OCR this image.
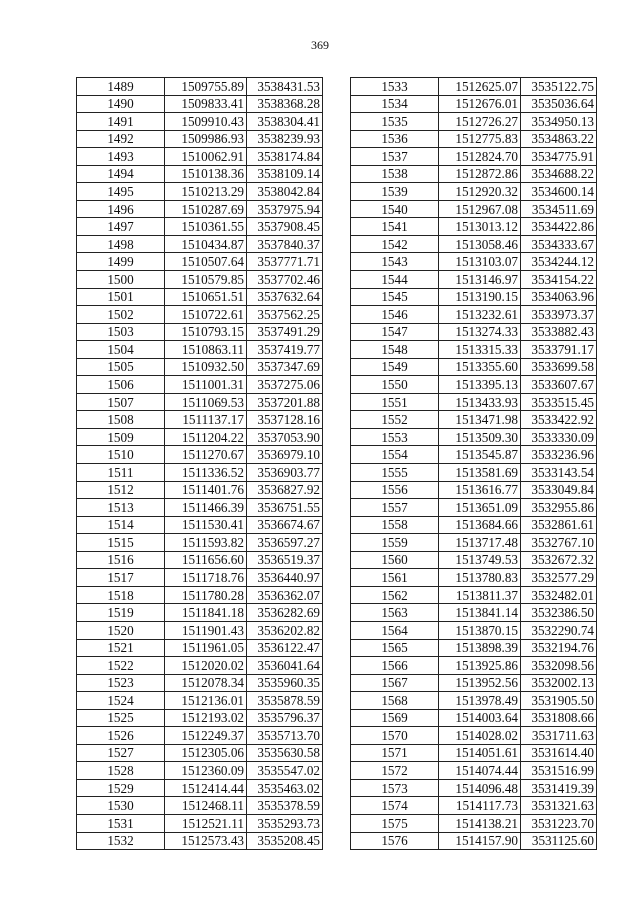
369
1489	1509755.89	3538431.53
1490	1509833.41	3538368.28
1491	1509910.43	3538304.41
1492	1509986.93	3538239.93
1493	1510062.91	3538174.84
1494	1510138.36	3538109.14
1495	1510213.29	3538042.84
1496	1510287.69	3537975.94
1497	1510361.55	3537908.45
1498	1510434.87	3537840.37
1499	1510507.64	3537771.71
1500	1510579.85	3537702.46
1501	1510651.51	3537632.64
1502	1510722.61	3537562.25
1503	1510793.15	3537491.29
1504	1510863.11	3537419.77
1505	1510932.50	3537347.69
1506	1511001.31	3537275.06
1507	1511069.53	3537201.88
1508	1511137.17	3537128.16
1509	1511204.22	3537053.90
1510	1511270.67	3536979.10
1511	1511336.52	3536903.77
1512	1511401.76	3536827.92
1513	1511466.39	3536751.55
1514	1511530.41	3536674.67
1515	1511593.82	3536597.27
1516	1511656.60	3536519.37
1517	1511718.76	3536440.97
1518	1511780.28	3536362.07
1519	1511841.18	3536282.69
1520	1511901.43	3536202.82
1521	1511961.05	3536122.47
1522	1512020.02	3536041.64
1523	1512078.34	3535960.35
1524	1512136.01	3535878.59
1525	1512193.02	3535796.37
1526	1512249.37	3535713.70
1527	1512305.06	3535630.58
1528	1512360.09	3535547.02
1529	1512414.44	3535463.02
1530	1512468.11	3535378.59
1531	1512521.11	3535293.73
1532	1512573.43	3535208.45
1533	1512625.07	3535122.75
1534	1512676.01	3535036.64
1535	1512726.27	3534950.13
1536	1512775.83	3534863.22
1537	1512824.70	3534775.91
1538	1512872.86	3534688.22
1539	1512920.32	3534600.14
1540	1512967.08	3534511.69
1541	1513013.12	3534422.86
1542	1513058.46	3534333.67
1543	1513103.07	3534244.12
1544	1513146.97	3534154.22
1545	1513190.15	3534063.96
1546	1513232.61	3533973.37
1547	1513274.33	3533882.43
1548	1513315.33	3533791.17
1549	1513355.60	3533699.58
1550	1513395.13	3533607.67
1551	1513433.93	3533515.45
1552	1513471.98	3533422.92
1553	1513509.30	3533330.09
1554	1513545.87	3533236.96
1555	1513581.69	3533143.54
1556	1513616.77	3533049.84
1557	1513651.09	3532955.86
1558	1513684.66	3532861.61
1559	1513717.48	3532767.10
1560	1513749.53	3532672.32
1561	1513780.83	3532577.29
1562	1513811.37	3532482.01
1563	1513841.14	3532386.50
1564	1513870.15	3532290.74
1565	1513898.39	3532194.76
1566	1513925.86	3532098.56
1567	1513952.56	3532002.13
1568	1513978.49	3531905.50
1569	1514003.64	3531808.66
1570	1514028.02	3531711.63
1571	1514051.61	3531614.40
1572	1514074.44	3531516.99
1573	1514096.48	3531419.39
1574	1514117.73	3531321.63
1575	1514138.21	3531223.70
1576	1514157.90	3531125.60
